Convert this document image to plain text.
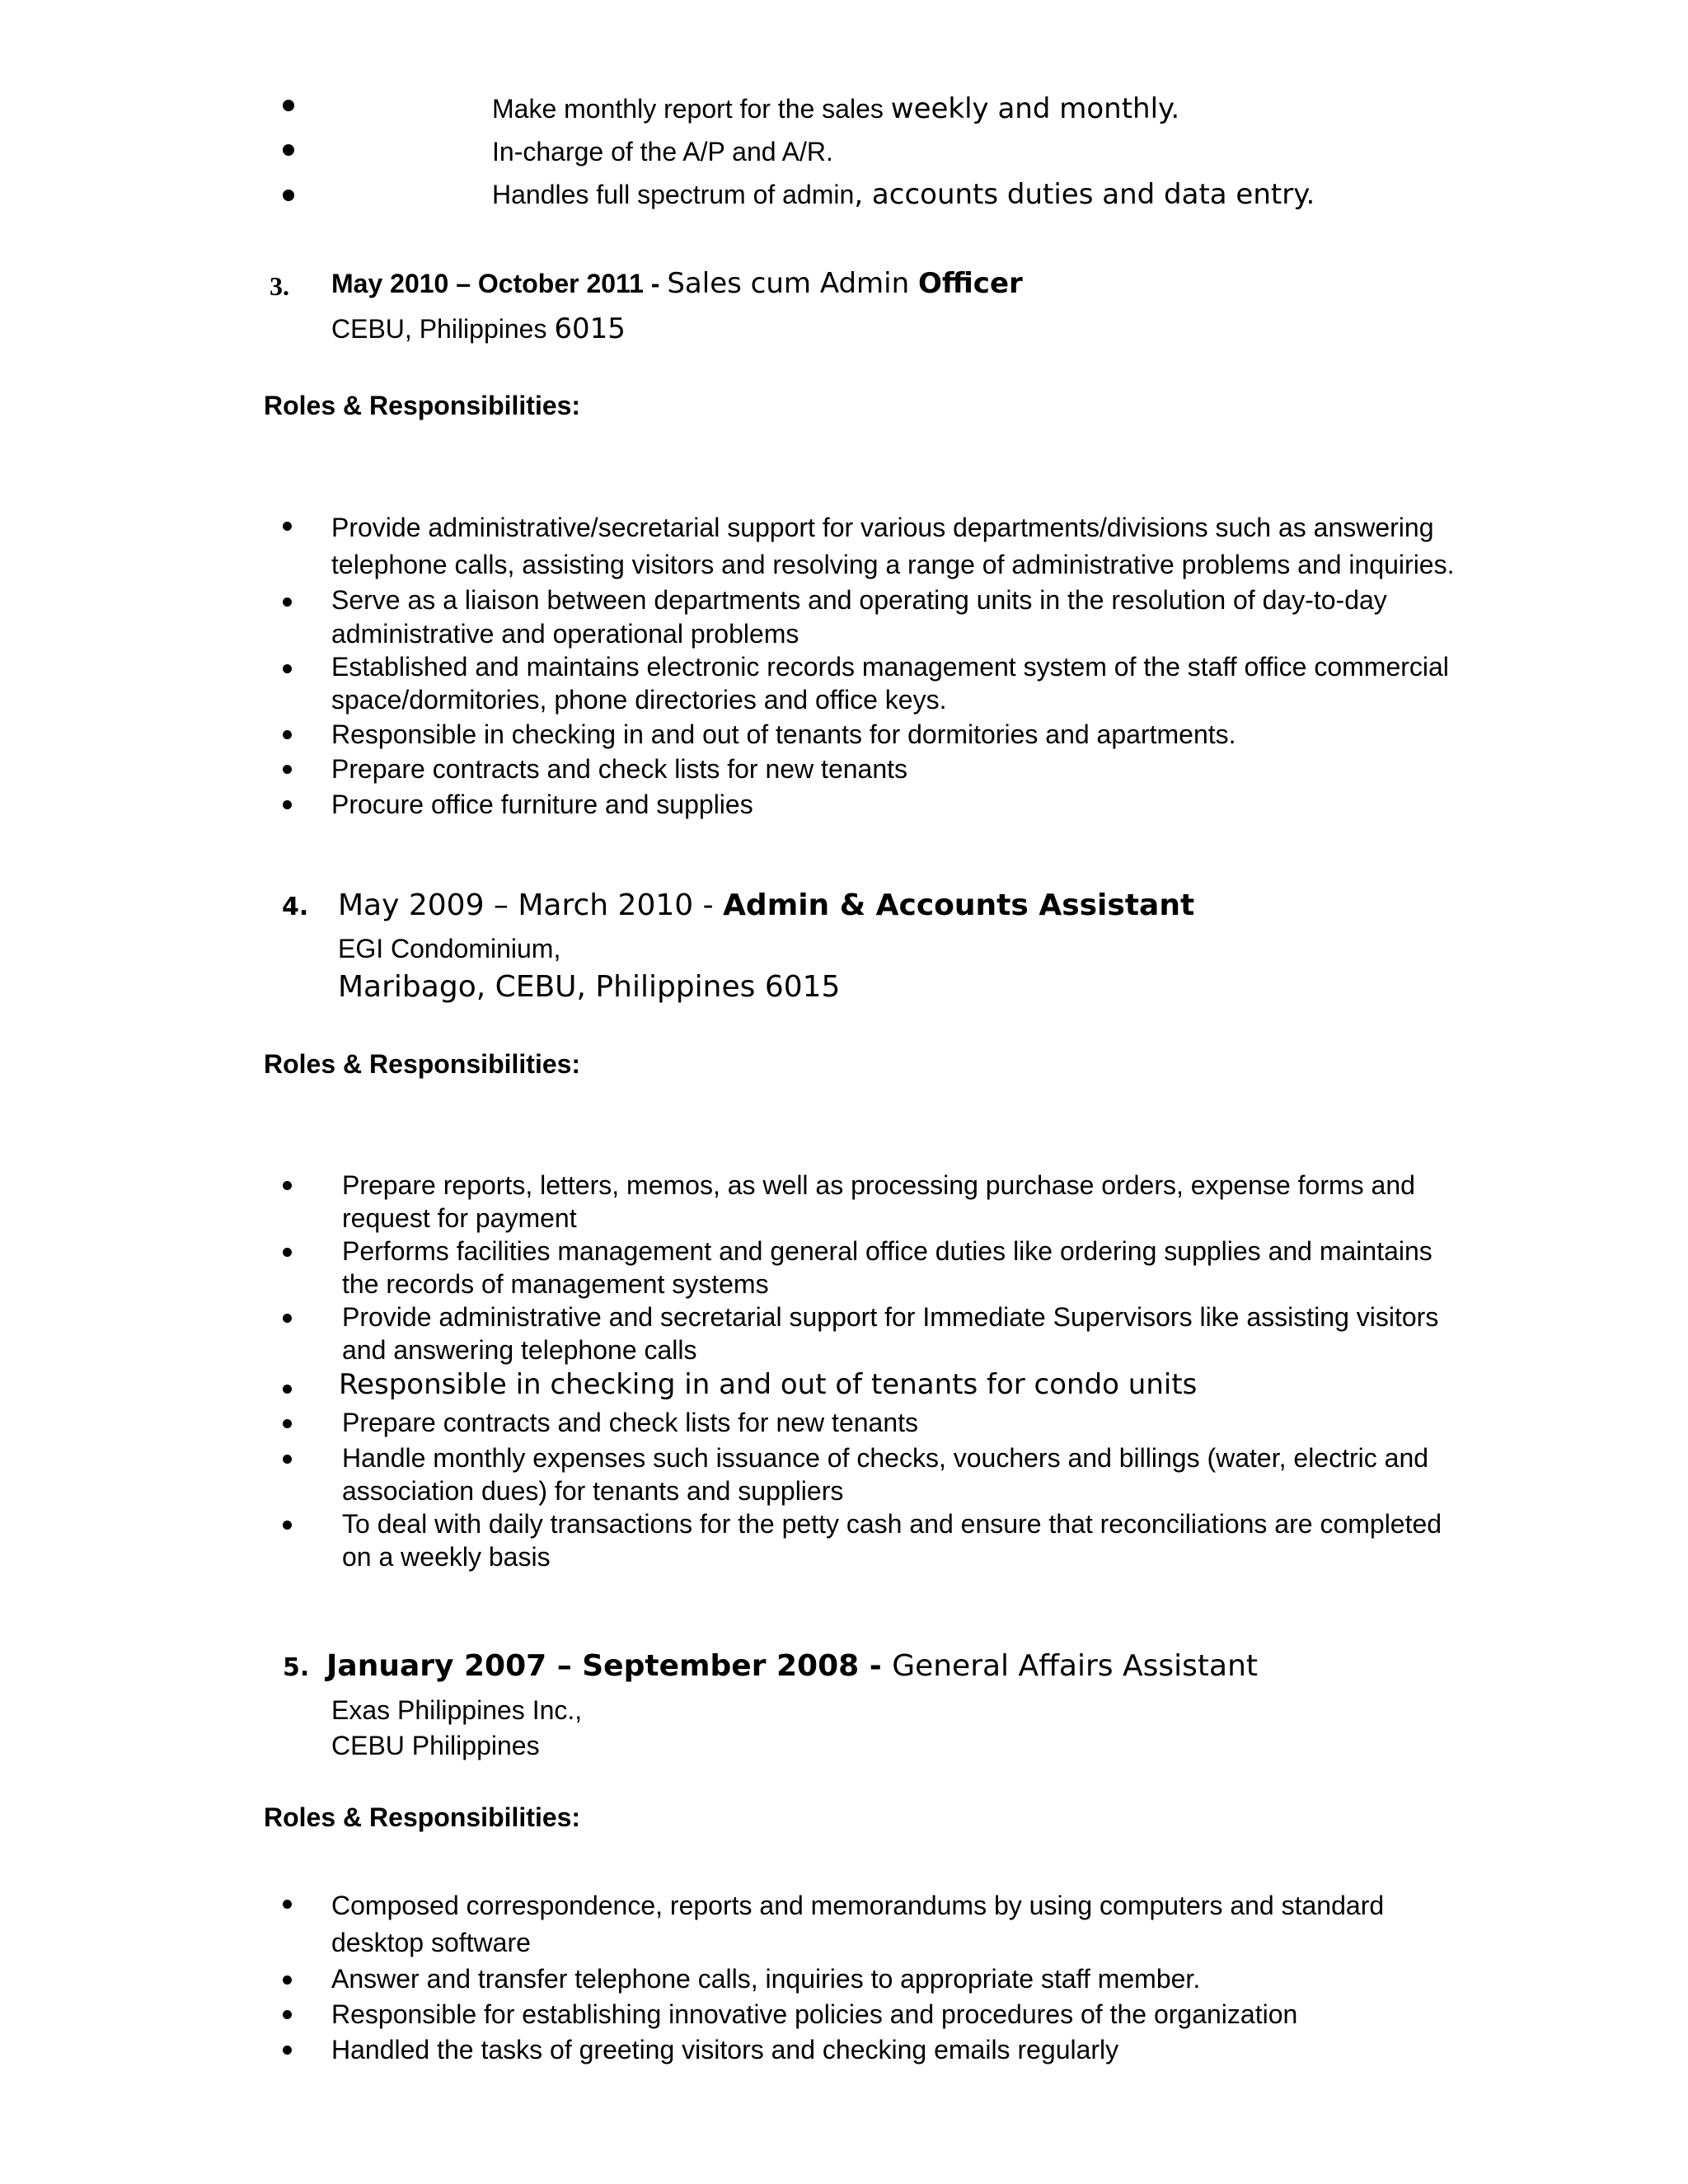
Make monthly report for the sales weekly and monthly.
In-charge of the A/P and A/R.
Handles full spectrum of admin, accounts duties and data entry.
3. May 2010 – October 2011 - Sales cum Admin Officer
CEBU, Philippines 6015
Roles & Responsibilities:
Provide administrative/secretarial support for various departments/divisions such as answering
telephone calls, assisting visitors and resolving a range of administrative problems and inquiries.
Serve as a liaison between departments and operating units in the resolution of day-to-day
administrative and operational problems
Established and maintains electronic records management system of the staff office commercial
space/dormitories, phone directories and office keys.
Responsible in checking in and out of tenants for dormitories and apartments.
Prepare contracts and check lists for new tenants
Procure office furniture and supplies
4. May 2009 – March 2010 - Admin & Accounts Assistant
EGI Condominium,
Maribago, CEBU, Philippines 6015
Roles & Responsibilities:
Prepare reports, letters, memos, as well as processing purchase orders, expense forms and
request for payment
Performs facilities management and general office duties like ordering supplies and maintains
the records of management systems
Provide administrative and secretarial support for Immediate Supervisors like assisting visitors
and answering telephone calls
Responsible in checking in and out of tenants for condo units
Prepare contracts and check lists for new tenants
Handle monthly expenses such issuance of checks, vouchers and billings (water, electric and
association dues) for tenants and suppliers
To deal with daily transactions for the petty cash and ensure that reconciliations are completed
on a weekly basis
5. January 2007 – September 2008 - General Affairs Assistant
Exas Philippines Inc.,
CEBU Philippines
Roles & Responsibilities:
Composed correspondence, reports and memorandums by using computers and standard
desktop software
Answer and transfer telephone calls, inquiries to appropriate staff member.
Responsible for establishing innovative policies and procedures of the organization
Handled the tasks of greeting visitors and checking emails regularly
